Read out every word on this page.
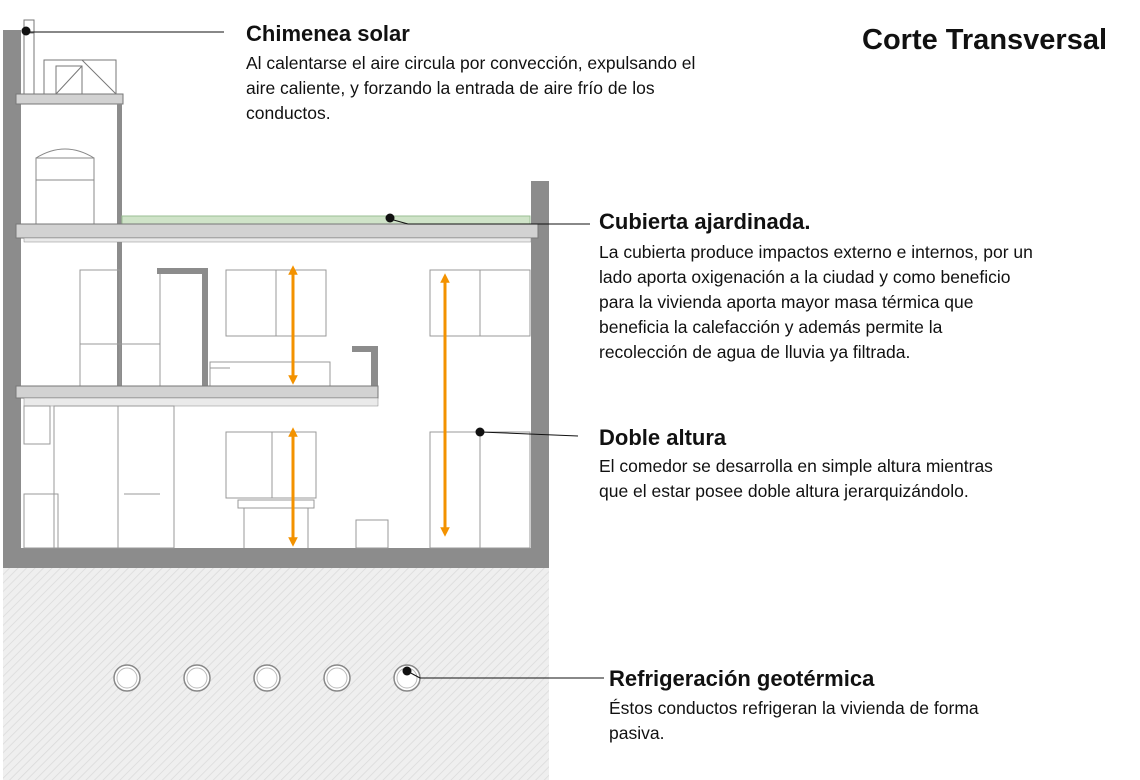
Corte Transversal
Chimenea solar
Al calentarse el aire circula por convección, expulsando el
aire caliente, y forzando la entrada de aire frío de los
conductos.
Cubierta ajardinada.
La cubierta produce impactos externo e internos, por un
lado aporta oxigenación a la ciudad y como beneficio
para la vivienda aporta mayor masa térmica que
beneficia la calefacción y además permite la
recolección de agua de lluvia ya filtrada.
Doble altura
El comedor se desarrolla en simple altura mientras
que el estar posee doble altura jerarquizándolo.
Refrigeración geotérmica
Éstos conductos refrigeran la vivienda de forma
pasiva.
